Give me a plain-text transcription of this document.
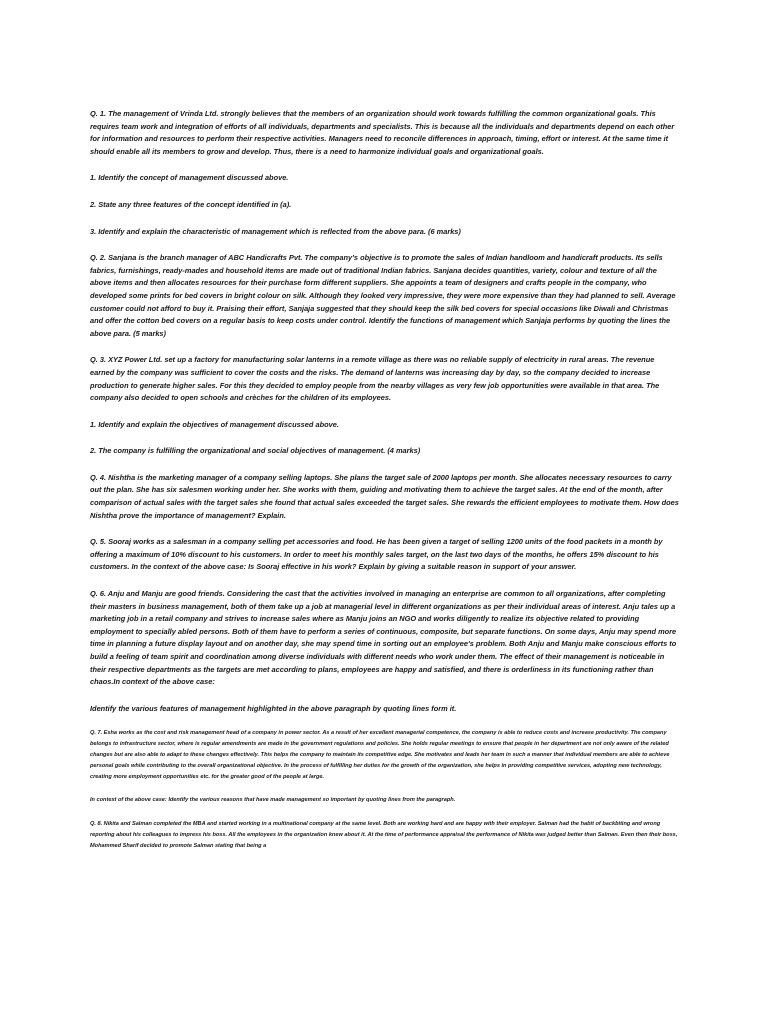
Q. 1. The management of Vrinda Ltd. strongly believes that the members of an organization should work towards fulfilling the common organizational goals. This requires team work and integration of efforts of all individuals, departments and specialists. This is because all the individuals and departments depend on each other for information and resources to perform their respective activities. Managers need to reconcile differences in approach, timing, effort or interest. At the same time it should enable all its members to grow and develop. Thus, there is a need to harmonize individual goals and organizational goals.

1. Identify the concept of management discussed above.

2. State any three features of the concept identified in (a).

3. Identify and explain the characteristic of management which is reflected from the above para. (6 marks)

Q. 2. Sanjana is the branch manager of ABC Handicrafts Pvt. The company's objective is to promote the sales of Indian handloom and handicraft products. Its sells fabrics, furnishings, ready-mades and household items are made out of traditional Indian fabrics. Sanjana decides quantities, variety, colour and texture of all the above items and then allocates resources for their purchase form different suppliers. She appoints a team of designers and crafts people in the company, who developed some prints for bed covers in bright colour on silk. Although they looked very impressive, they were more expensive than they had planned to sell. Average customer could not afford to buy it. Praising their effort, Sanjaja suggested that they should keep the silk bed covers for special occasions like Diwali and Christmas and offer the cotton bed covers on a regular basis to keep costs under control. Identify the functions of management which Sanjaja performs by quoting the lines the above para. (5 marks)

Q. 3. XYZ Power Ltd. set up a factory for manufacturing solar lanterns in a remote village as there was no reliable supply of electricity in rural areas. The revenue earned by the company was sufficient to cover the costs and the risks. The demand of lanterns was increasing day by day, so the company decided to increase production to generate higher sales. For this they decided to employ people from the nearby villages as very few job opportunities were available in that area. The company also decided to open schools and crèches for the children of its employees.

1. Identify and explain the objectives of management discussed above.

2. The company is fulfilling the organizational and social objectives of management. (4 marks)

Q. 4. Nishtha is the marketing manager of a company selling laptops. She plans the target sale of 2000 laptops per month. She allocates necessary resources to carry out the plan. She has six salesmen working under her. She works with them, guiding and motivating them to achieve the target sales. At the end of the month, after comparison of actual sales with the target sales she found that actual sales exceeded the target sales. She rewards the efficient employees to motivate them. How does Nishtha prove the importance of management? Explain.

Q. 5. Sooraj works as a salesman in a company selling pet accessories and food. He has been given a target of selling 1200 units of the food packets in a month by offering a maximum of 10% discount to his customers. In order to meet his monthly sales target, on the last two days of the months, he offers 15% discount to his customers. In the context of the above case: Is Sooraj effective in his work? Explain by giving a suitable reason in support of your answer.

Q. 6. Anju and Manju are good friends. Considering the cast that the activities involved in managing an enterprise are common to all organizations, after completing their masters in business management, both of them take up a job at managerial level in different organizations as per their individual areas of interest. Anju tales up a marketing job in a retail company and strives to increase sales where as Manju joins an NGO and works diligently to realize its objective related to providing employment to specially abled persons. Both of them have to perform a series of continuous, composite, but separate functions. On some days, Anju may spend more time in planning a future display layout and on another day, she may spend time in sorting out an employee's problem. Both Anju and Manju make conscious efforts to build a feeling of team spirit and coordination among diverse individuals with different needs who work under them. The effect of their management is noticeable in their respective departments as the targets are met according to plans, employees are happy and satisfied, and there is orderliness in its functioning rather than chaos.In context of the above case:

Identify the various features of management highlighted in the above paragraph by quoting lines form it.

Q. 7. Esha works as the cost and risk management head of a company in power sector. As a result of her excellent managerial competence, the company is able to reduce costs and increase productivity. The company belongs to infrastructure sector, where is regular amendments are made in the government regulations and policies. She holds regular meetings to ensure that people in her department are not only aware of the related changes but are also able to adapt to these changes effectively. This helps the company to maintain its competitive edge. She motivates and leads her team in such a manner that individual members are able to achieve personal goals while contributing to the overall organizational objective. In the process of fulfilling her duties for the growth of the organization, she helps in providing competitive services, adopting new technology, creating more employment opportunities etc. for the greater good of the people at large.

In context of the above case: Identify the various reasons that have made management so important by quoting lines from the paragraph.

Q. 8. Nikita and Salman completed the MBA and started working in a multinational company at the same level. Both are working hard and are happy with their employer. Salman had the habit of backbiting and wrong reporting about his colleagues to impress his boss. All the employees in the organization knew about it. At the time of performance appraisal the performance of Nikita was judged better than Salman. Even then their boss, Mohammed Sharif decided to promote Salman stating that being a
